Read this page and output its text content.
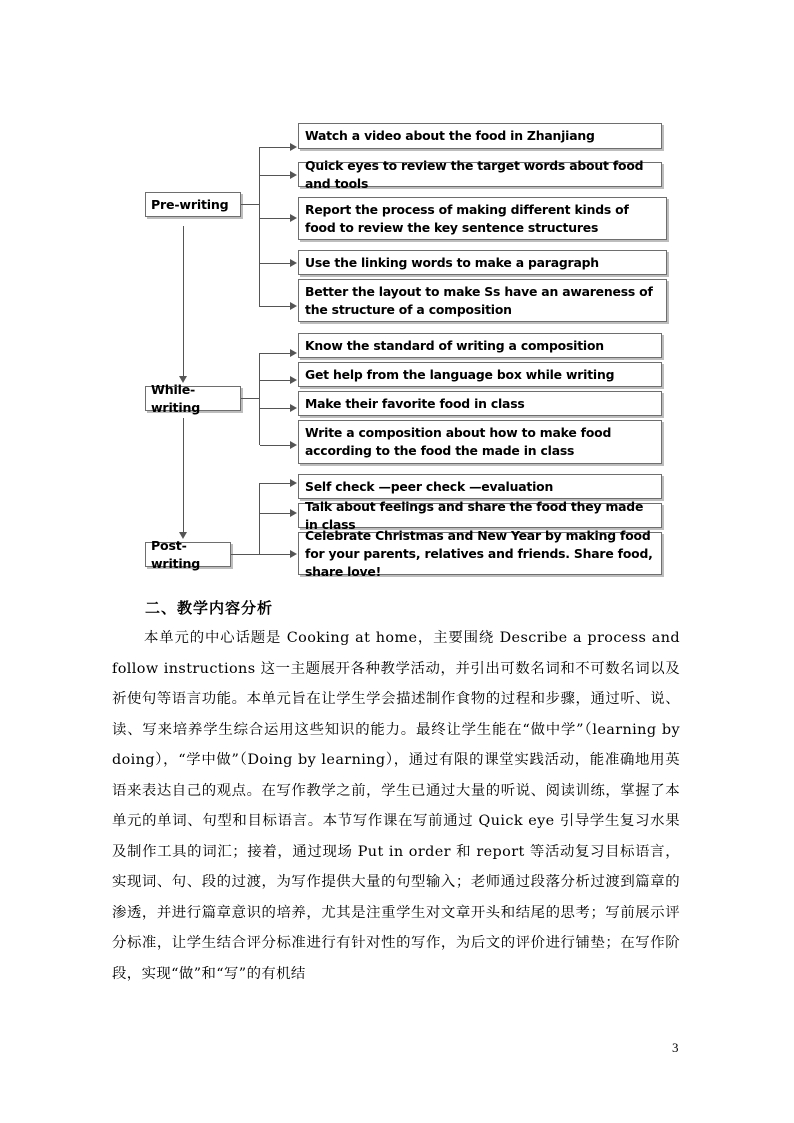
Pre-writing
While-writing
Post-writing
Watch a video about the food in Zhanjiang
Quick eyes to review the target words about food and tools
Report the process of making different kinds of food to review the key sentence structures
Use the linking words to make a paragraph
Better the layout to make Ss have an awareness of the structure of a composition
Know the standard of writing a composition
Get help from the language box while writing
Make their favorite food in class
Write a composition about how to make food according to the food the made in class
Self check —peer check —evaluation
Talk about feelings and share the food they made in class
Celebrate Christmas and New Year by making food for your parents, relatives and friends. Share food, share love!
二、教学内容分析
本单元的中心话题是 Cooking at home，主要围绕 Describe a process and follow instructions 这一主题展开各种教学活动，并引出可数名词和不可数名词以及祈使句等语言功能。本单元旨在让学生学会描述制作食物的过程和步骤，通过听、说、读、写来培养学生综合运用这些知识的能力。最终让学生能在“做中学”（learning by doing），“学中做”（Doing by learning），通过有限的课堂实践活动，能准确地用英语来表达自己的观点。在写作教学之前，学生已通过大量的听说、阅读训练，掌握了本单元的单词、句型和目标语言。本节写作课在写前通过 Quick eye 引导学生复习水果及制作工具的词汇；接着，通过现场 Put in order 和 report 等活动复习目标语言，实现词、句、段的过渡，为写作提供大量的句型输入；老师通过段落分析过渡到篇章的渗透，并进行篇章意识的培养，尤其是注重学生对文章开头和结尾的思考；写前展示评分标准，让学生结合评分标准进行有针对性的写作，为后文的评价进行铺垫；在写作阶段，实现“做”和“写”的有机结
3
